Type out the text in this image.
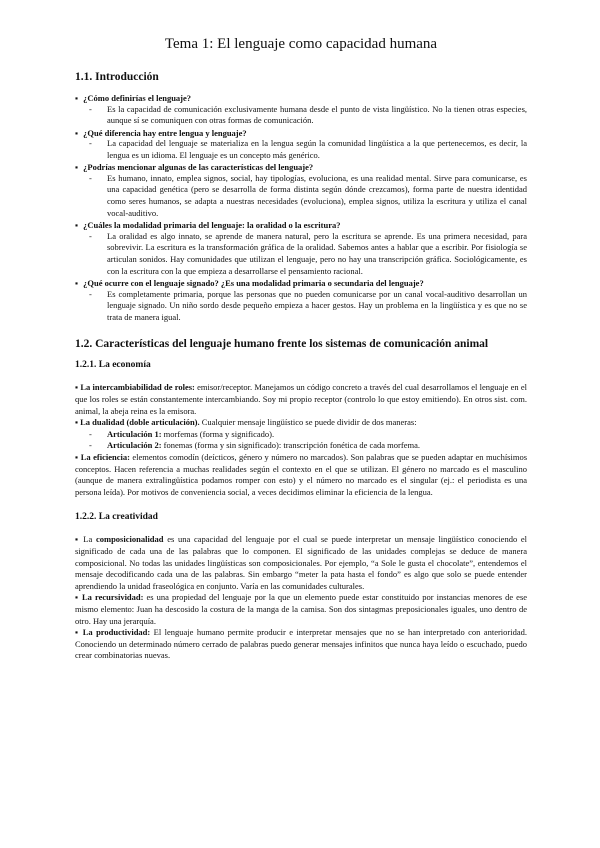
Tema 1: El lenguaje como capacidad humana
1.1. Introducción
▪ ¿Cómo definirías el lenguaje?
-	Es la capacidad de comunicación exclusivamente humana desde el punto de vista lingüístico. No la tienen otras especies, aunque sí se comuniquen con otras formas de comunicación.
▪ ¿Qué diferencia hay entre lengua y lenguaje?
-	La capacidad del lenguaje se materializa en la lengua según la comunidad lingüística a la que pertenecemos, es decir, la lengua es un idioma. El lenguaje es un concepto más genérico.
▪ ¿Podrías mencionar algunas de las características del lenguaje?
-	Es humano, innato, emplea signos, social, hay tipologías, evoluciona, es una realidad mental. Sirve para comunicarse, es una capacidad genética (pero se desarrolla de forma distinta según dónde crezcamos), forma parte de nuestra identidad como seres humanos, se adapta a nuestras necesidades (evoluciona), emplea signos, utiliza la escritura y utiliza el canal vocal-auditivo.
▪ ¿Cuáles la modalidad primaria del lenguaje: la oralidad o la escritura?
-	La oralidad es algo innato, se aprende de manera natural, pero la escritura se aprende. Es una primera necesidad, para sobrevivir. La escritura es la transformación gráfica de la oralidad. Sabemos antes a hablar que a escribir. Por fisiología se articulan sonidos. Hay comunidades que utilizan el lenguaje, pero no hay una transcripción gráfica. Sociológicamente, es con la escritura con la que empieza a desarrollarse el pensamiento racional.
▪ ¿Qué ocurre con el lenguaje signado? ¿Es una modalidad primaria o secundaria del lenguaje?
-	Es completamente primaria, porque las personas que no pueden comunicarse por un canal vocal-auditivo desarrollan un lenguaje signado. Un niño sordo desde pequeño empieza a hacer gestos. Hay un problema en la lingüística y es que no se trata de manera igual.
1.2. Características del lenguaje humano frente los sistemas de comunicación animal
1.2.1. La economía

▪ La intercambiabilidad de roles: emisor/receptor. Manejamos un código concreto a través del cual desarrollamos el lenguaje en el que los roles se están constantemente intercambiando. Soy mi propio receptor (controlo lo que estoy emitiendo). En otros sist. com. animal, la abeja reina es la emisora.

▪ La dualidad (doble articulación). Cualquier mensaje lingüístico se puede dividir de dos maneras:

-	Articulación 1: morfemas (forma y significado).
-	Articulación 2: fonemas (forma y sin significado): transcripción fonética de cada morfema.

▪ La eficiencia: elementos comodín (deícticos, género y número no marcados). Son palabras que se pueden adaptar en muchísimos conceptos. Hacen referencia a muchas realidades según el contexto en el que se utilizan. El género no marcado es el masculino (aunque de manera extralingüística podamos romper con esto) y el número no marcado es el singular (ej.: el periodista es una persona leída). Por motivos de conveniencia social, a veces decidimos eliminar la eficiencia de la lengua.

1.2.2. La creatividad

▪ La composicionalidad es una capacidad del lenguaje por el cual se puede interpretar un mensaje lingüístico conociendo el significado de cada una de las palabras que lo componen. El significado de las unidades complejas se deduce de manera composicional. No todas las unidades lingüísticas son composicionales. Por ejemplo, “a Sole le gusta el chocolate”, entendemos el mensaje decodificando cada una de las palabras. Sin embargo “meter la pata hasta el fondo” es algo que solo se puede entender aprendiendo la unidad fraseológica en conjunto. Varía en las comunidades culturales.

▪ La recursividad: es una propiedad del lenguaje por la que un elemento puede estar constituido por instancias menores de ese mismo elemento: Juan ha descosido la costura de la manga de la camisa. Son dos sintagmas preposicionales iguales, uno dentro de otro. Hay una jerarquía.

▪ La productividad: El lenguaje humano permite producir e interpretar mensajes que no se han interpretado con anterioridad. Conociendo un determinado número cerrado de palabras puedo generar mensajes infinitos que nunca haya leído o escuchado, puedo crear combinatorias nuevas.
